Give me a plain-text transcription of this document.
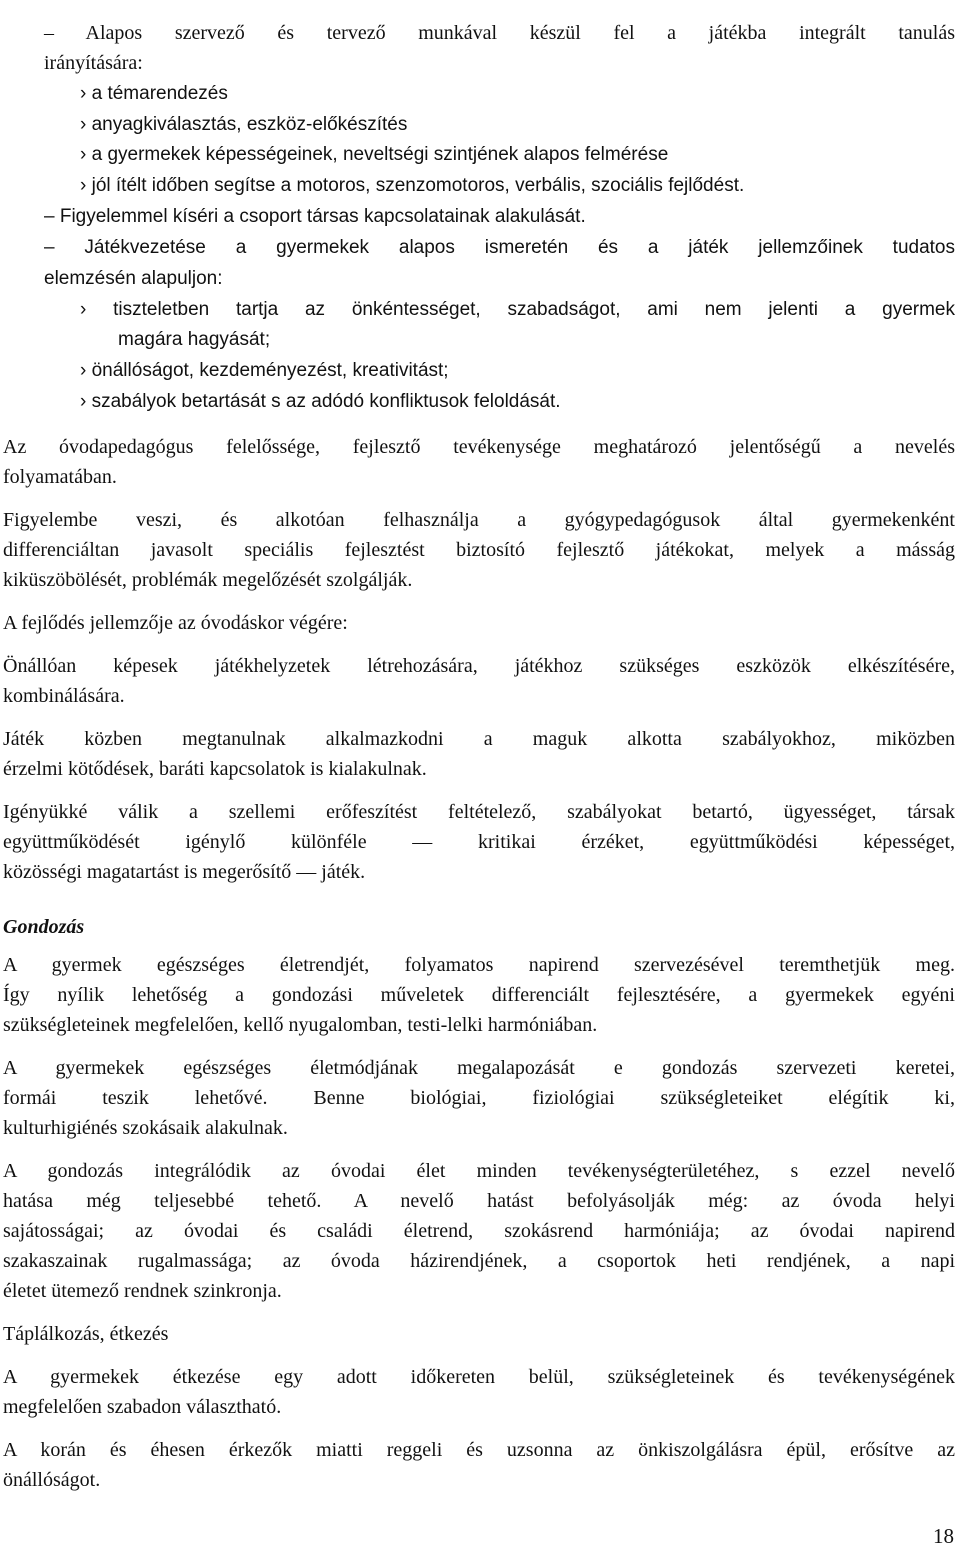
– Alapos szervező és tervező munkával készül fel a játékba integrált tanulás
irányítására:
› a témarendezés
› anyagkiválasztás, eszköz-előkészítés
› a gyermekek képességeinek, neveltségi szintjének alapos felmérése
› jól ítélt időben segítse a motoros, szenzomotoros, verbális, szociális fejlődést.
– Figyelemmel kíséri a csoport társas kapcsolatainak alakulását.
– Játékvezetése a gyermekek alapos ismeretén és a játék jellemzőinek tudatos
elemzésén alapuljon:
› tiszteletben tartja az önkéntességet, szabadságot, ami nem jelenti a gyermek
magára hagyását;
› önállóságot, kezdeményezést, kreativitást;
› szabályok betartását s az adódó konfliktusok feloldását.
Az óvodapedagógus felelőssége, fejlesztő tevékenysége meghatározó jelentőségű a nevelés
folyamatában.
Figyelembe veszi, és alkotóan felhasználja a gyógypedagógusok által gyermekenként
differenciáltan javasolt speciális fejlesztést biztosító fejlesztő játékokat, melyek a másság
kiküszöbölését, problémák megelőzését szolgálják.
A fejlődés jellemzője az óvodáskor végére:
Önállóan képesek játékhelyzetek létrehozására, játékhoz szükséges eszközök elkészítésére,
kombinálására.
Játék közben megtanulnak alkalmazkodni a maguk alkotta szabályokhoz, miközben
érzelmi kötődések, baráti kapcsolatok is kialakulnak.
Igényükké válik a szellemi erőfeszítést feltételező, szabályokat betartó, ügyességet, társak
együttműködését igénylő különféle — kritikai érzéket, együttműködési képességet,
közösségi magatartást is megerősítő — játék.
Gondozás
A gyermek egészséges életrendjét, folyamatos napirend szervezésével teremthetjük meg.
Így nyílik lehetőség a gondozási műveletek differenciált fejlesztésére, a gyermekek egyéni
szükségleteinek megfelelően, kellő nyugalomban, testi-lelki harmóniában.
A gyermekek egészséges életmódjának megalapozását e gondozás szervezeti keretei,
formái teszik lehetővé. Benne biológiai, fiziológiai szükségleteiket elégítik ki,
kulturhigiénés szokásaik alakulnak.
A gondozás integrálódik az óvodai élet minden tevékenységterületéhez, s ezzel nevelő
hatása még teljesebbé tehető. A nevelő hatást befolyásolják még: az óvoda helyi
sajátosságai; az óvodai és családi életrend, szokásrend harmóniája; az óvodai napirend
szakaszainak rugalmassága; az óvoda házirendjének, a csoportok heti rendjének, a napi
életet ütemező rendnek szinkronja.
Táplálkozás, étkezés
A gyermekek étkezése egy adott időkereten belül, szükségleteinek és tevékenységének
megfelelően szabadon választható.
A korán és éhesen érkezők miatti reggeli és uzsonna az önkiszolgálásra épül, erősítve az
önállóságot.
18
